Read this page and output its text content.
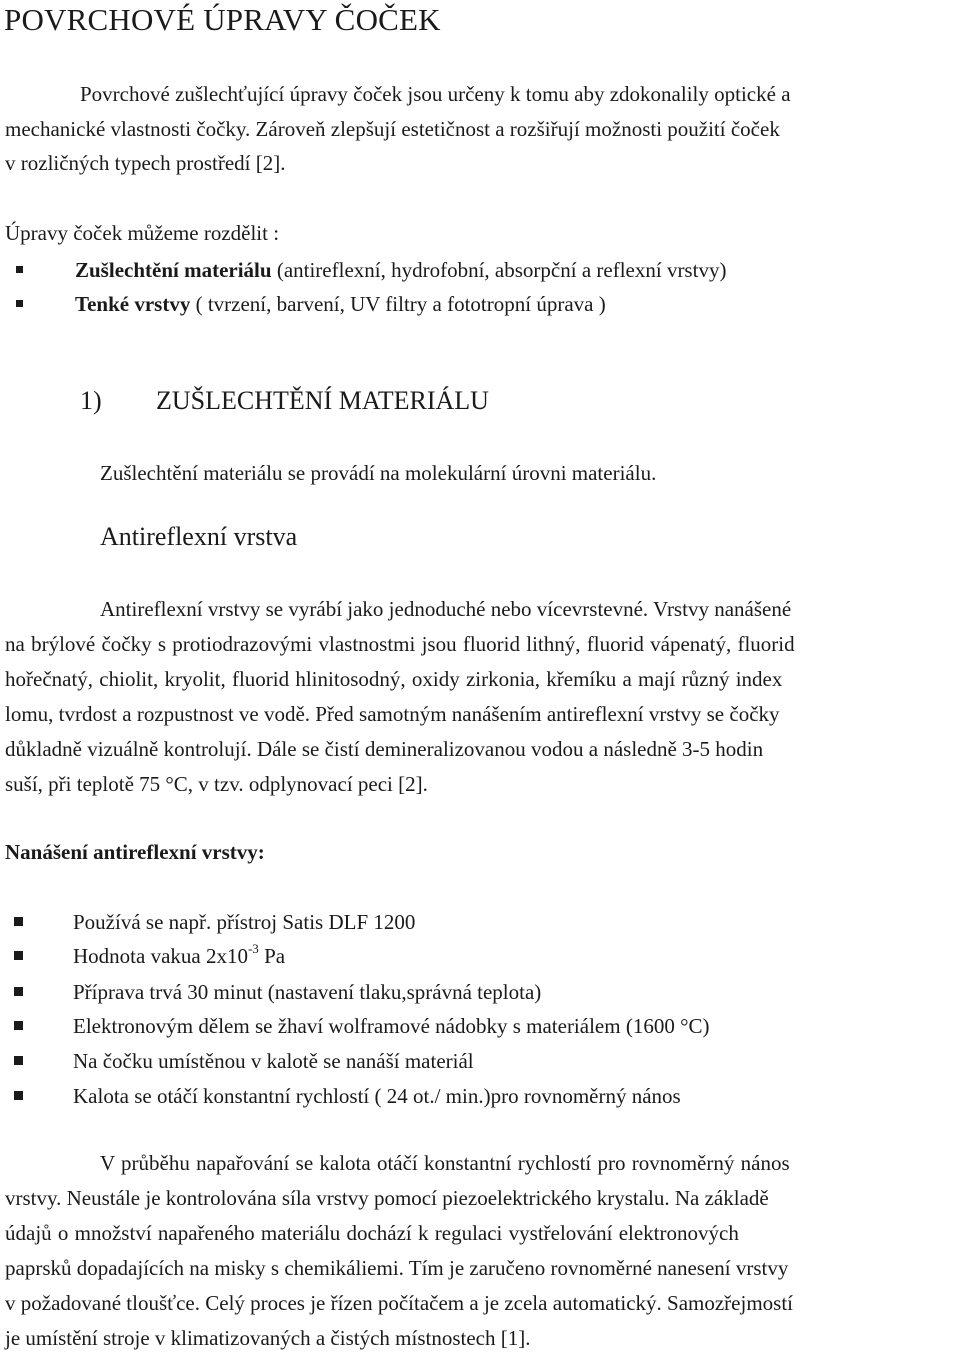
POVRCHOVÉ ÚPRAVY ČOČEK
Povrchové zušlechťující úpravy čoček jsou určeny k tomu aby zdokonalily optické a
mechanické vlastnosti čočky. Zároveň zlepšují estetičnost a rozšiřují možnosti použití čoček
v rozličných typech prostředí [2].
Úpravy čoček můžeme rozdělit :
Zušlechtění materiálu (antireflexní, hydrofobní, absorpční a reflexní vrstvy)
Tenké vrstvy ( tvrzení, barvení, UV filtry a fototropní úprava )
1) ZUŠLECHTĚNÍ MATERIÁLU
Zušlechtění materiálu se provádí na molekulární úrovni materiálu.
Antireflexní vrstva
Antireflexní vrstvy se vyrábí jako jednoduché nebo vícevrstevné. Vrstvy nanášené
na brýlové čočky s protiodrazovými vlastnostmi jsou fluorid lithný, fluorid vápenatý, fluorid
hořečnatý, chiolit, kryolit, fluorid hlinitosodný, oxidy zirkonia, křemíku a mají různý index
lomu, tvrdost a rozpustnost ve vodě. Před samotným nanášením antireflexní vrstvy se čočky
důkladně vizuálně kontrolují. Dále se čistí demineralizovanou vodou a následně 3-5 hodin
suší, při teplotě 75 °C, v tzv. odplynovací peci [2].
Nanášení antireflexní vrstvy:
Používá se např. přístroj Satis DLF 1200
Hodnota vakua $2x10^{-3}$ Pa
Příprava trvá 30 minut (nastavení tlaku,správná teplota)
Elektronovým dělem se žhaví wolframové nádobky s materiálem (1600 °C)
Na čočku umístěnou v kalotě se nanáší materiál
Kalota se otáčí konstantní rychlostí ( 24 ot./ min.)pro rovnoměrný nános
V průběhu napařování se kalota otáčí konstantní rychlostí pro rovnoměrný nános
vrstvy. Neustále je kontrolována síla vrstvy pomocí piezoelektrického krystalu. Na základě
údajů o množství napařeného materiálu dochází k regulaci vystřelování elektronových
paprsků dopadajících na misky s chemikáliemi. Tím je zaručeno rovnoměrné nanesení vrstvy
v požadované tloušťce. Celý proces je řízen počítačem a je zcela automatický. Samozřejmostí
je umístění stroje v klimatizovaných a čistých místnostech [1].
